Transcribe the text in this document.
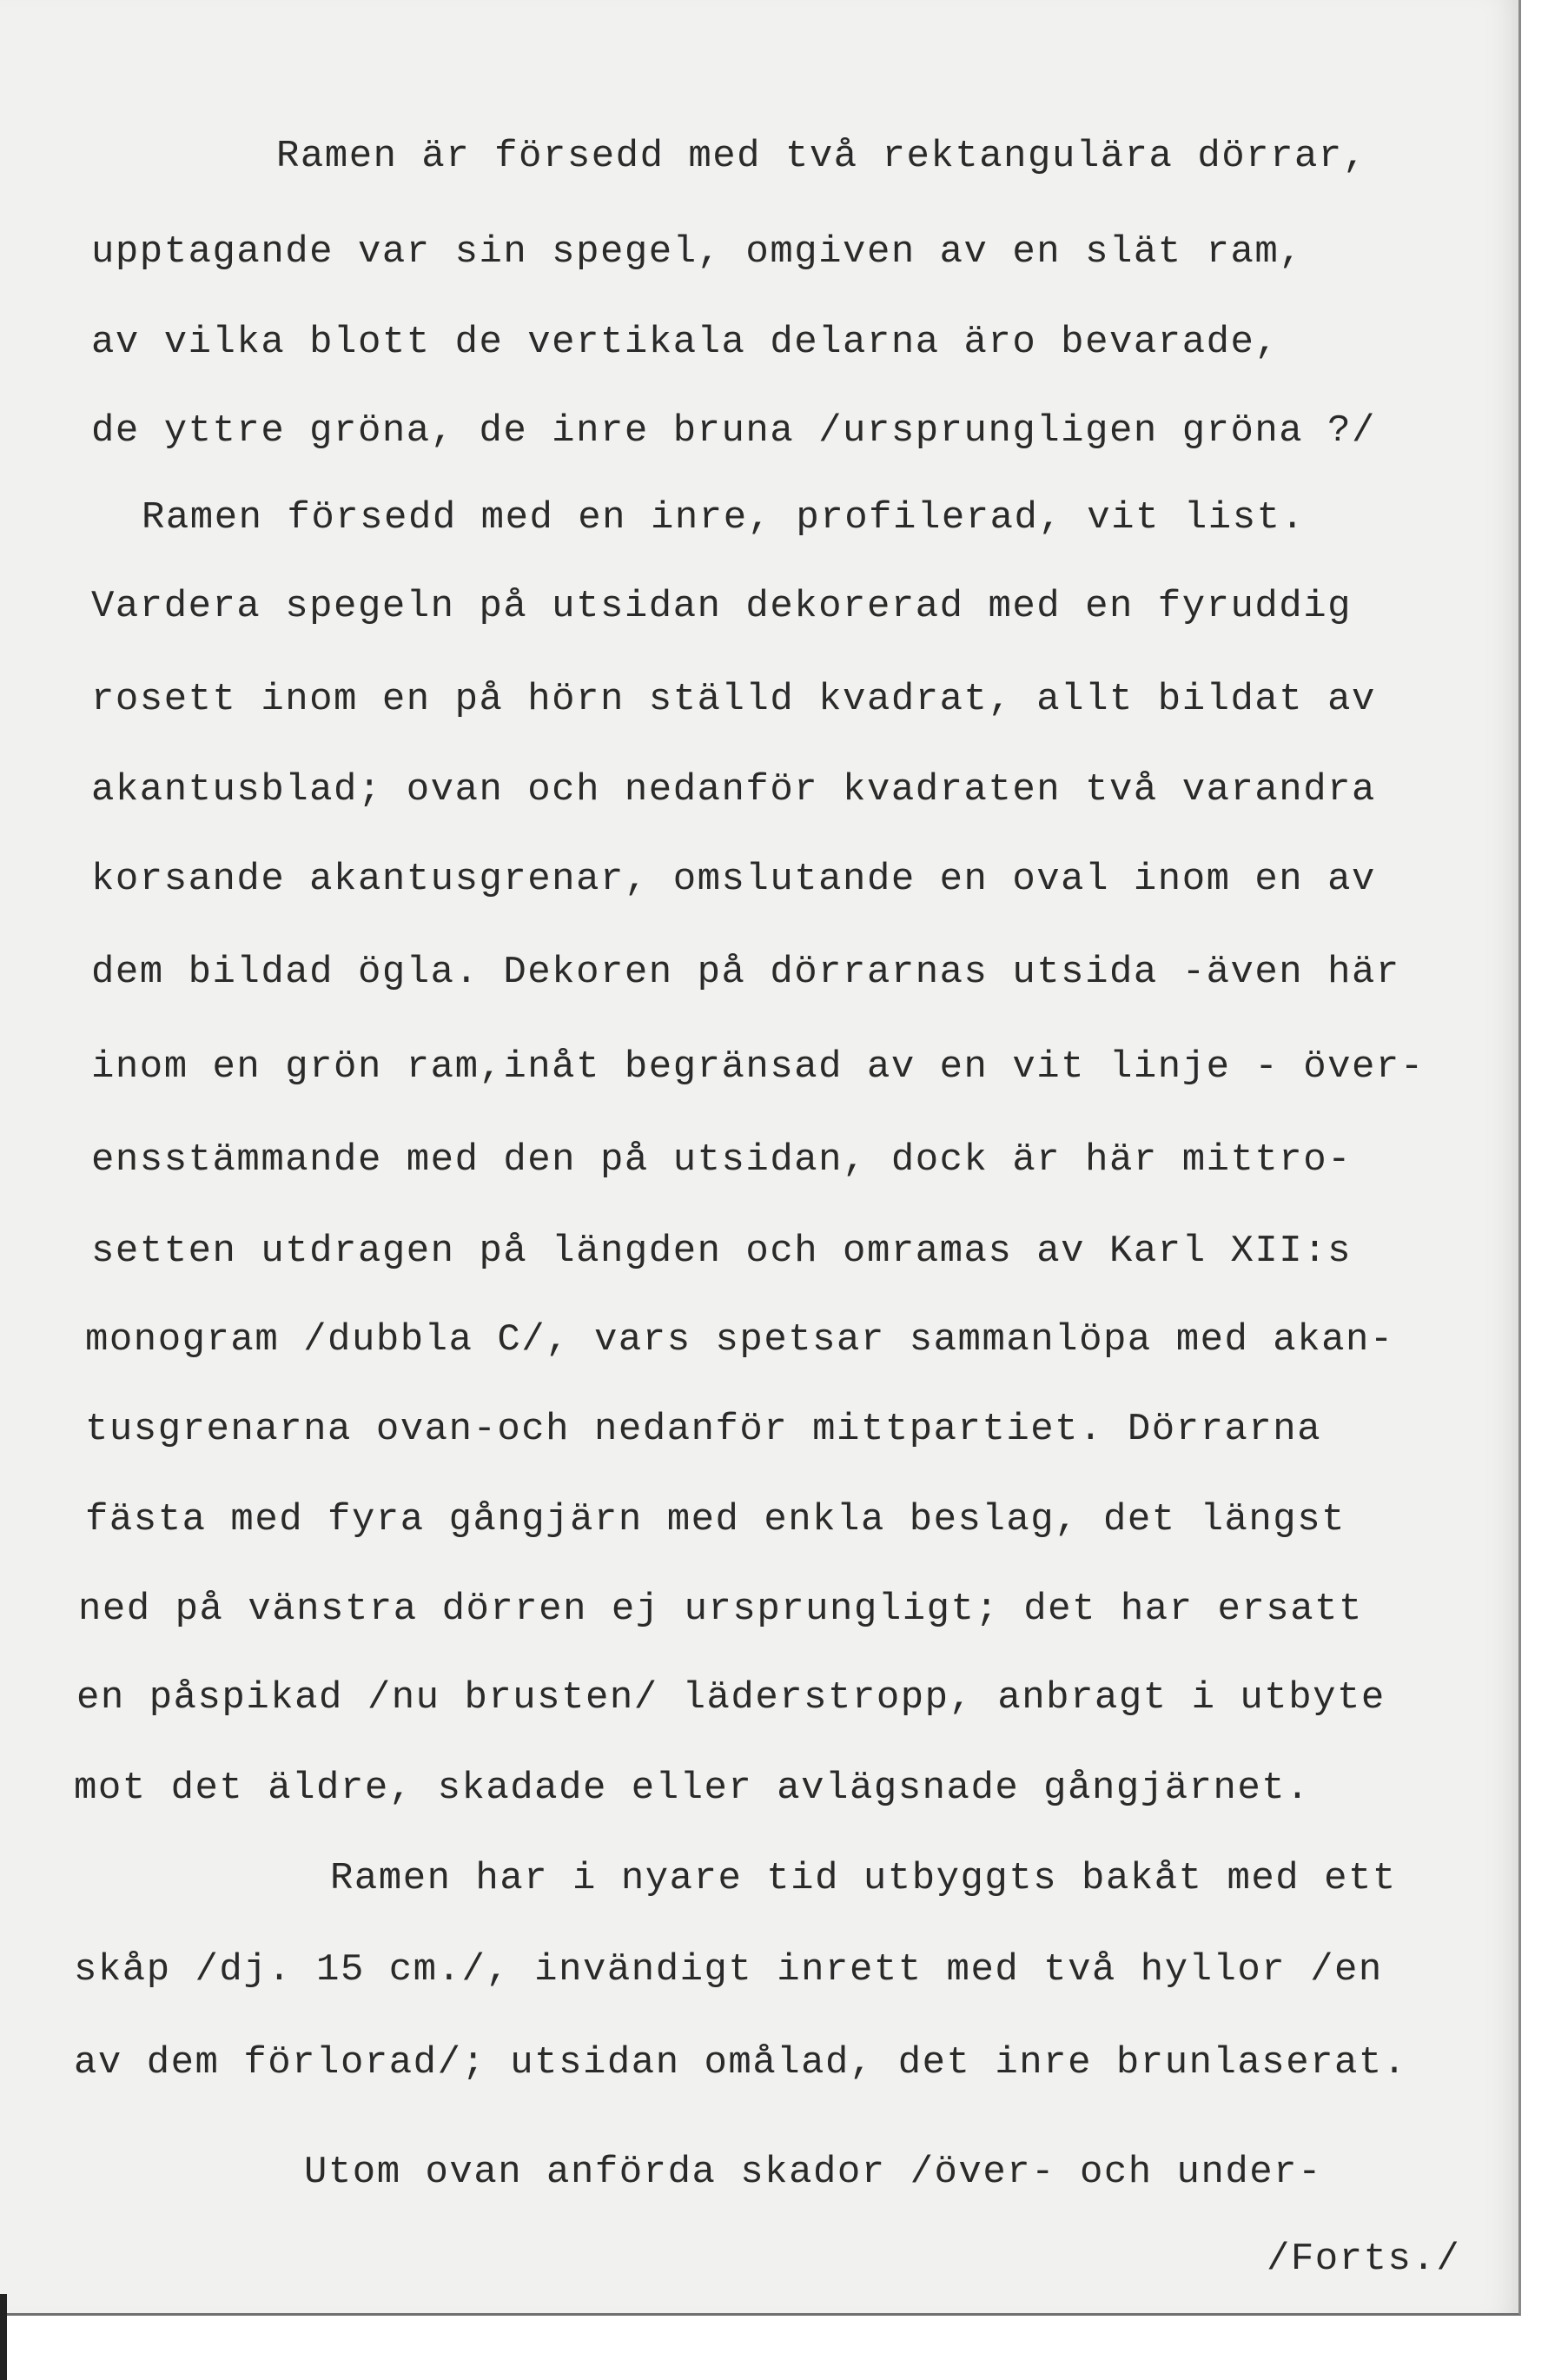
Ramen är försedd med två rektangulära dörrar,
upptagande var sin spegel, omgiven av en slät ram,
av vilka blott de vertikala delarna äro bevarade,
de yttre gröna, de inre bruna /ursprungligen gröna ?/
Ramen försedd med en inre, profilerad, vit list.
Vardera spegeln på utsidan dekorerad med en fyruddig
rosett inom en på hörn ställd kvadrat, allt bildat av
akantusblad; ovan och nedanför kvadraten två varandra
korsande akantusgrenar, omslutande en oval inom en av
dem bildad ögla. Dekoren på dörrarnas utsida -även här
inom en grön ram,inåt begränsad av en vit linje - över-
ensstämmande med den på utsidan, dock är här mittro-
setten utdragen på längden och omramas av Karl XII:s
monogram /dubbla C/, vars spetsar sammanlöpa med akan-
tusgrenarna ovan-och nedanför mittpartiet. Dörrarna
fästa med fyra gångjärn med enkla beslag, det längst
ned på vänstra dörren ej ursprungligt; det har ersatt
en påspikad /nu brusten/ läderstropp, anbragt i utbyte
mot det äldre, skadade eller avlägsnade gångjärnet.
Ramen har i nyare tid utbyggts bakåt med ett
skåp /dj. 15 cm./, invändigt inrett med två hyllor /en
av dem förlorad/; utsidan omålad, det inre brunlaserat.
Utom ovan anförda skador /över- och under-
/Forts./
